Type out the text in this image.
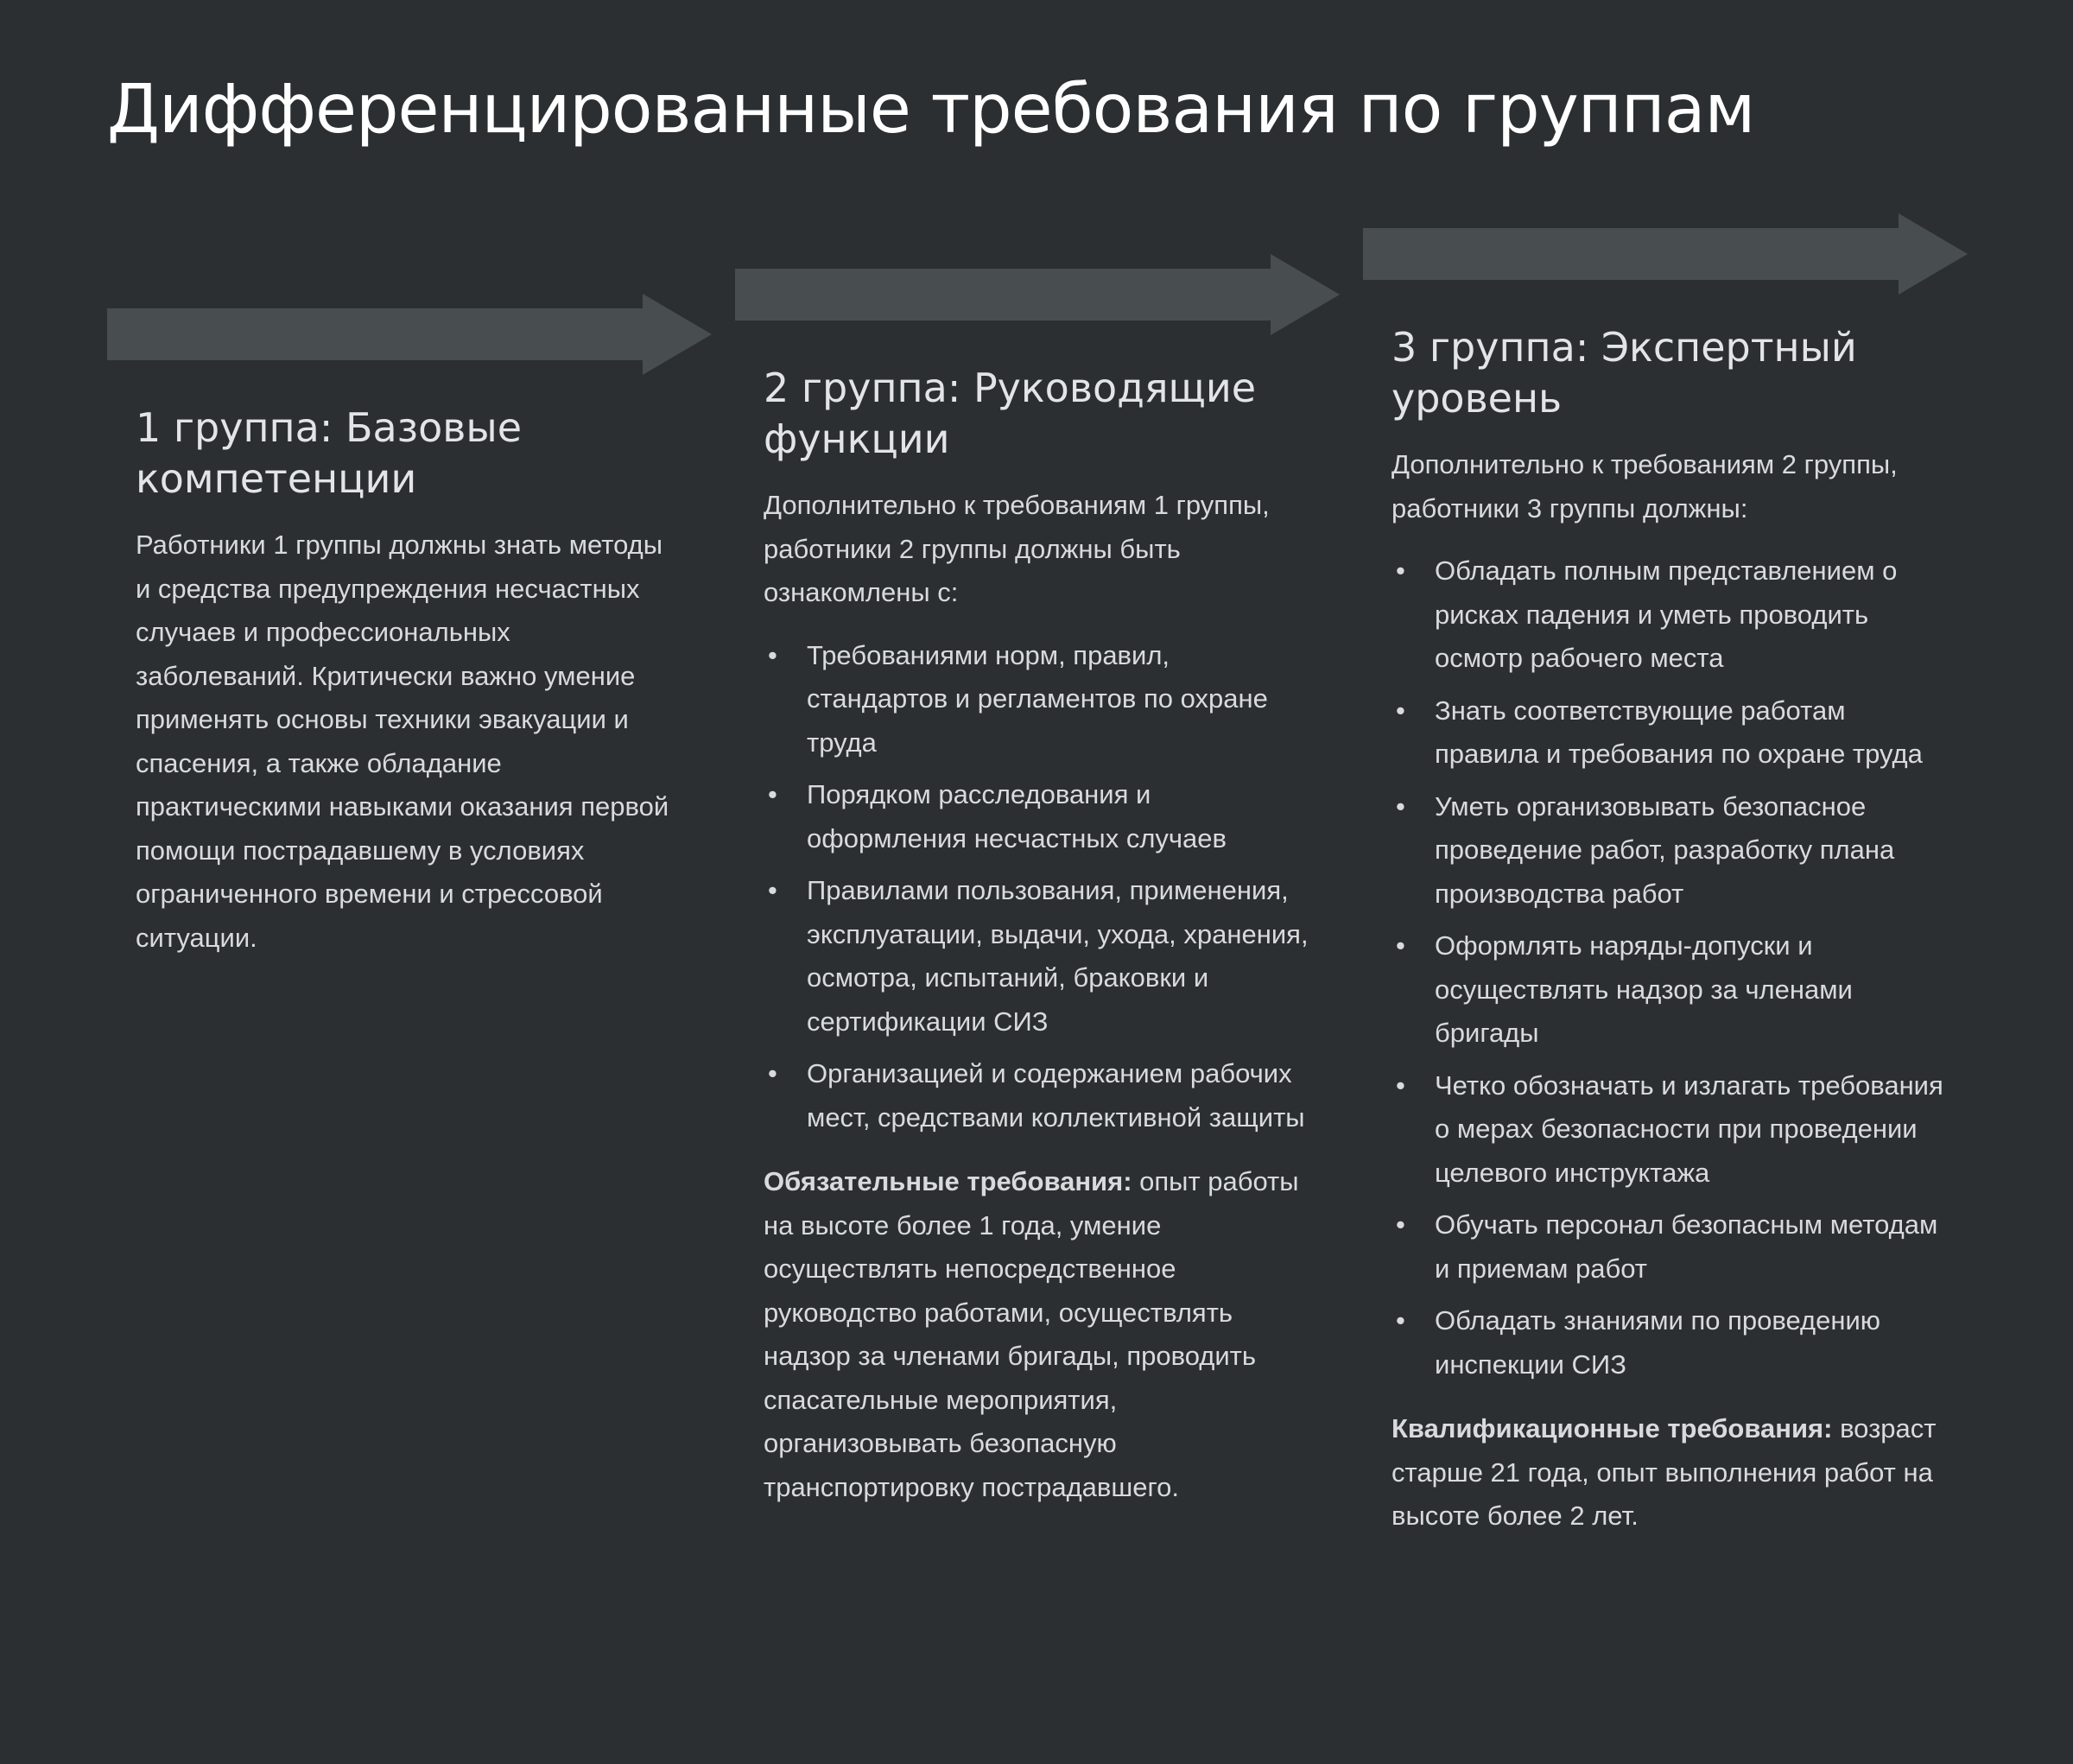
Дифференцированные требования по группам
1 группа: Базовые компетенции

Работники 1 группы должны знать методы и средства предупреждения несчастных случаев и профессиональных заболеваний. Критически важно умение применять основы техники эвакуации и спасения, а также обладание практическими навыками оказания первой помощи пострадавшему в условиях ограниченного времени и стрессовой ситуации.

2 группа: Руководящие функции

Дополнительно к требованиям 1 группы, работники 2 группы должны быть ознакомлены с:

• Требованиями норм, правил, стандартов и регламентов по охране труда
• Порядком расследования и оформления несчастных случаев
• Правилами пользования, применения, эксплуатации, выдачи, ухода, хранения, осмотра, испытаний, браковки и сертификации СИЗ
• Организацией и содержанием рабочих мест, средствами коллективной защиты

Обязательные требования: опыт работы на высоте более 1 года, умение осуществлять непосредственное руководство работами, осуществлять надзор за членами бригады, проводить спасательные мероприятия, организовывать безопасную транспортировку пострадавшего.

3 группа: Экспертный уровень

Дополнительно к требованиям 2 группы, работники 3 группы должны:

• Обладать полным представлением о рисках падения и уметь проводить осмотр рабочего места
• Знать соответствующие работам правила и требования по охране труда
• Уметь организовывать безопасное проведение работ, разработку плана производства работ
• Оформлять наряды-допуски и осуществлять надзор за членами бригады
• Четко обозначать и излагать требования о мерах безопасности при проведении целевого инструктажа
• Обучать персонал безопасным методам и приемам работ
• Обладать знаниями по проведению инспекции СИЗ

Квалификационные требования: возраст старше 21 года, опыт выполнения работ на высоте более 2 лет.
